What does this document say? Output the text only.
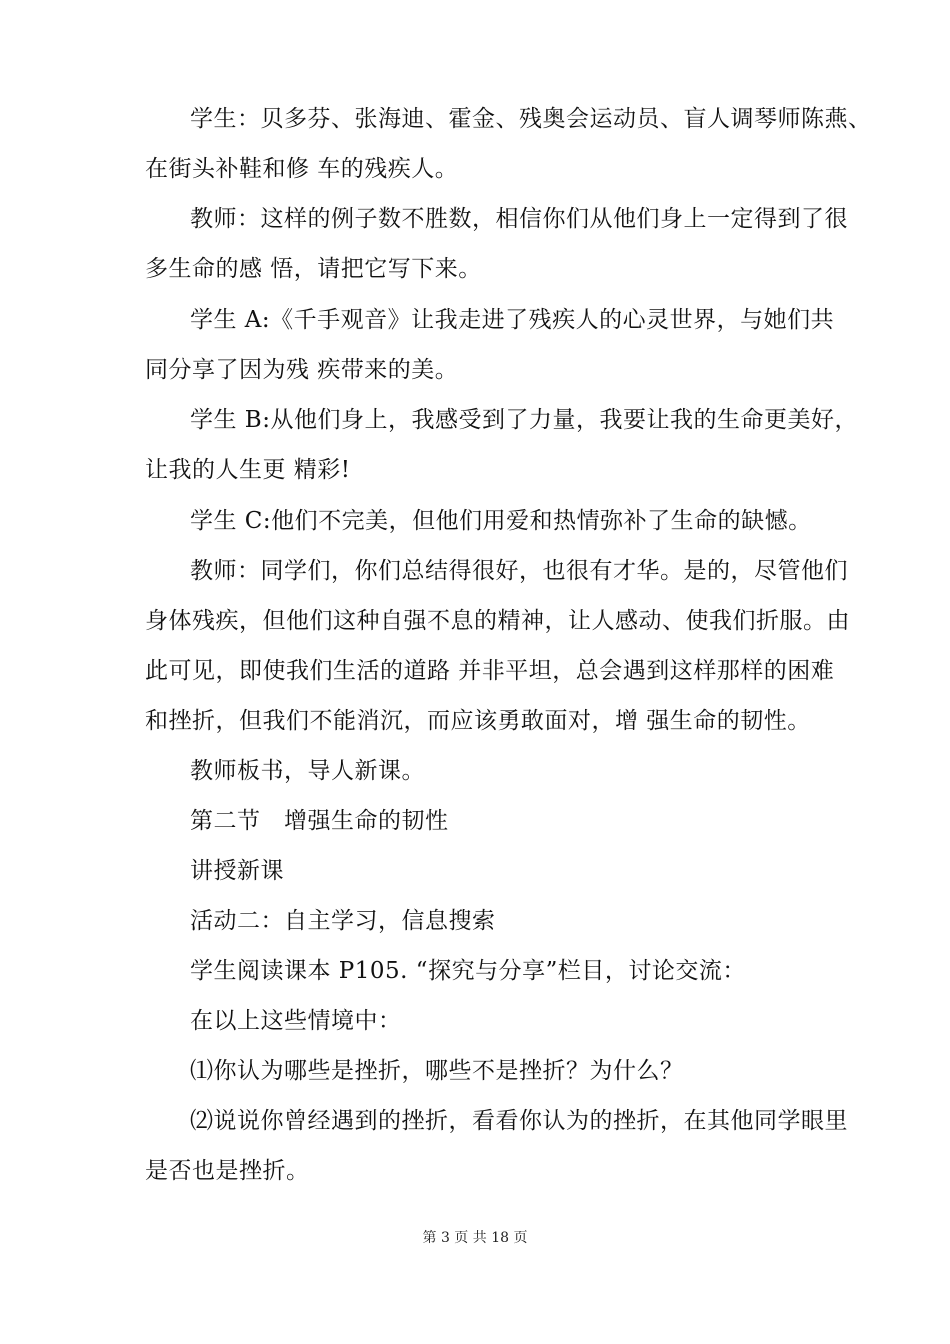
学生：贝多芬、张海迪、霍金、残奥会运动员、盲人调琴师陈燕、
在街头补鞋和修 车的残疾人。
教师：这样的例子数不胜数，相信你们从他们身上一定得到了很
多生命的感 悟，请把它写下来。
学生 A:《千手观音》让我走进了残疾人的心灵世界，与她们共
同分享了因为残 疾带来的美。
学生 B:从他们身上，我感受到了力量，我要让我的生命更美好，
让我的人生更 精彩!
学生 C:他们不完美，但他们用爱和热情弥补了生命的缺憾。
教师：同学们，你们总结得很好，也很有才华。是的，尽管他们
身体残疾，但他们这种自强不息的精神，让人感动、使我们折服。由
此可见，即使我们生活的道路 并非平坦，总会遇到这样那样的困难
和挫折，但我们不能消沉，而应该勇敢面对，增 强生命的韧性。
教师板书，导人新课。
第二节　增强生命的韧性
讲授新课
活动二：自主学习，信息搜索
学生阅读课本 P105. “探究与分享”栏目，讨论交流：
在以上这些情境中：
⑴你认为哪些是挫折，哪些不是挫折？为什么？
⑵说说你曾经遇到的挫折，看看你认为的挫折，在其他同学眼里
是否也是挫折。
第 3 页 共 18 页
